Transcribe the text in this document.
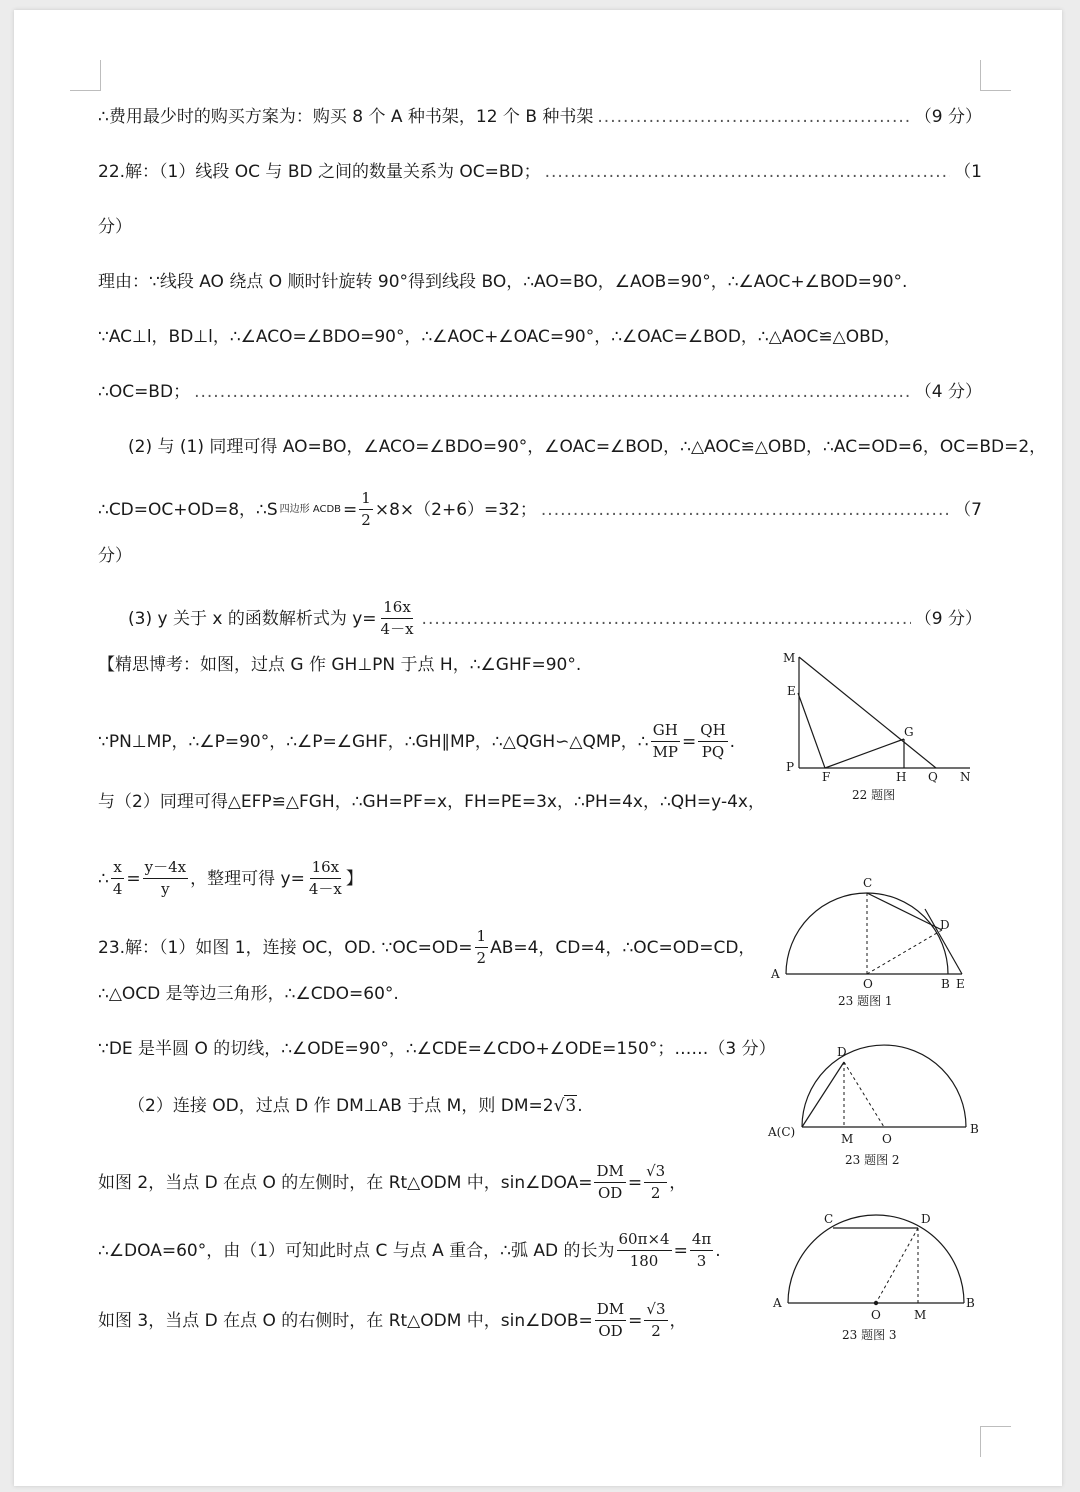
∴费用最少时的购买方案为：购买 8 个 A 种书架，12 个 B 种书架 .....	（9 分）
22.解：（1）线段 OC 与 BD 之间的数量关系为 OC=BD； .....	（1
分）
理由：∵线段 AO 绕点 O 顺时针旋转 90°得到线段 BO，∴AO=BO，∠AOB=90°，∴∠AOC+∠BOD=90°.
∵AC⊥l，BD⊥l，∴∠ACO=∠BDO=90°，∴∠AOC+∠OAC=90°，∴∠OAC=∠BOD，∴△AOC≌△OBD，
∴OC=BD； .....	（4 分）
(2) 与 (1) 同理可得 AO=BO，∠ACO=∠BDO=90°，∠OAC=∠BOD，∴△AOC≌△OBD，∴AC=OD=6，OC=BD=2，
∴CD=OC+OD=8，∴S 四边形 ACDB = $\frac{1}{2} \times 8\times(2+6)=32$； .....	（7
分）
(3) y 关于 x 的函数解析式为 $y= \frac{16x}{4-x}$ .....	（9 分）
【精思博考：如图，过点 G 作 GH⊥PN 于点 H，∴∠GHF=90°.
∵PN⊥MP，∴∠P=90°，∴∠P=∠GHF，∴GH∥MP，∴△QGH∽△QMP，∴ $\frac{GH}{MP} = \frac{QH}{PQ}$ .
与（2）同理可得△EFP≌△FGH，∴GH=PF=x，FH=PE=3x，∴PH=4x，∴QH=y-4x，
∴ $\frac{x}{4} = \frac{y-4x}{y}$ ，整理可得 $y= \frac{16x}{4-x}$ 】
23.解：（1）如图 1，连接 OC，OD. ∵OC=OD= $\frac{1}{2} AB=4$，CD=4，∴OC=OD=CD，
∴△OCD 是等边三角形，∴∠CDO=60°.
∵DE 是半圆 O 的切线，∴∠ODE=90°，∴∠CDE=∠CDO+∠ODE=150°；……（3 分）
（2）连接 OD，过点 D 作 DM⊥AB 于点 M，则 DM=2 √3 .
如图 2，当点 D 在点 O 的左侧时，在 Rt△ODM 中，sin∠DOA= $\frac{DM}{OD} = \frac{√3}{2}$ ，
∴∠DOA=60°，由（1）可知此时点 C 与点 A 重合，∴弧 AD 的长为 $\frac{60\pi\times 4}{180} = \frac{4\pi}{3}$ .
如图 3，当点 D 在点 O 的右侧时，在 Rt△ODM 中，sin∠DOB= $\frac{DM}{OD} = \frac{√3}{2}$ ，
M
E
P
F
G
H Q N
22 题图
C
D
A
O	B E
23 题图 1
D
A(C)	M O
B
23 题图 2
C	D
A
O	M
B
23 题图 3
